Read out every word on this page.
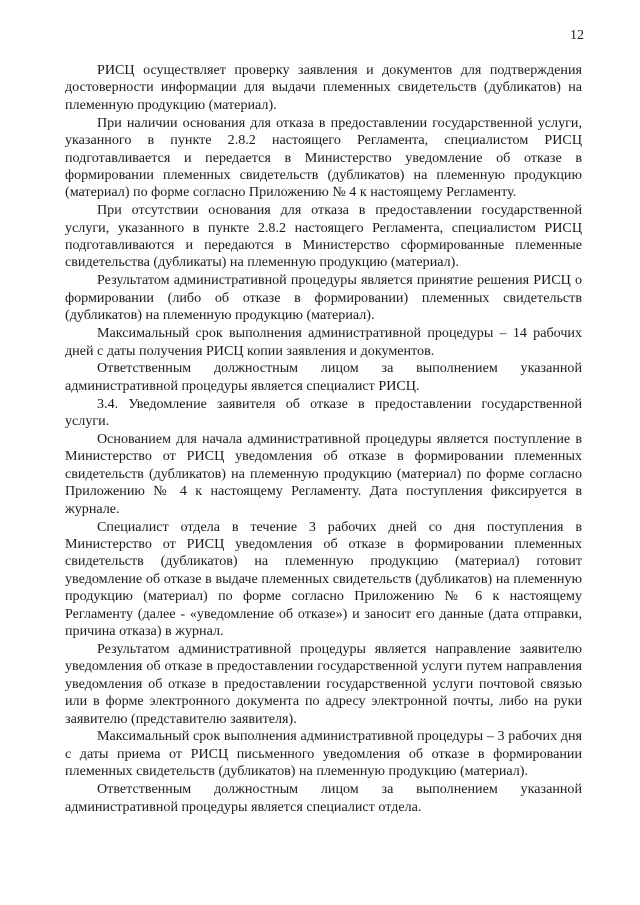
12

РИСЦ осуществляет проверку заявления и документов для подтверждения достоверности информации для выдачи племенных свидетельств (дубликатов) на племенную продукцию (материал).

При наличии основания для отказа в предоставлении государственной услуги, указанного в пункте 2.8.2 настоящего Регламента, специалистом РИСЦ подготавливается и передается в Министерство уведомление об отказе в формировании племенных свидетельств (дубликатов) на племенную продукцию (материал) по форме согласно Приложению № 4 к настоящему Регламенту.

При отсутствии основания для отказа в предоставлении государственной услуги, указанного в пункте 2.8.2 настоящего Регламента, специалистом РИСЦ подготавливаются и передаются в Министерство сформированные племенные свидетельства (дубликаты) на племенную продукцию (материал).

Результатом административной процедуры является принятие решения РИСЦ о формировании (либо об отказе в формировании) племенных свидетельств (дубликатов) на племенную продукцию (материал).

Максимальный срок выполнения административной процедуры – 14 рабочих дней с даты получения РИСЦ копии заявления и документов.

Ответственным должностным лицом за выполнением указанной административной процедуры является специалист РИСЦ.

3.4. Уведомление заявителя об отказе в предоставлении государственной услуги.

Основанием для начала административной процедуры является поступление в Министерство от РИСЦ уведомления об отказе в формировании племенных свидетельств (дубликатов) на племенную продукцию (материал) по форме согласно Приложению № 4 к настоящему Регламенту. Дата поступления фиксируется в журнале.

Специалист отдела в течение 3 рабочих дней со дня поступления в Министерство от РИСЦ уведомления об отказе в формировании племенных свидетельств (дубликатов) на племенную продукцию (материал) готовит уведомление об отказе в выдаче племенных свидетельств (дубликатов) на племенную продукцию (материал) по форме согласно Приложению № 6 к настоящему Регламенту (далее - «уведомление об отказе») и заносит его данные (дата отправки, причина отказа) в журнал.

Результатом административной процедуры является направление заявителю уведомления об отказе в предоставлении государственной услуги путем направления уведомления об отказе в предоставлении государственной услуги почтовой связью или в форме электронного документа по адресу электронной почты, либо на руки заявителю (представителю заявителя).

Максимальный срок выполнения административной процедуры – 3 рабочих дня с даты приема от РИСЦ письменного уведомления об отказе в формировании племенных свидетельств (дубликатов) на племенную продукцию (материал).

Ответственным должностным лицом за выполнением указанной административной процедуры является специалист отдела.
